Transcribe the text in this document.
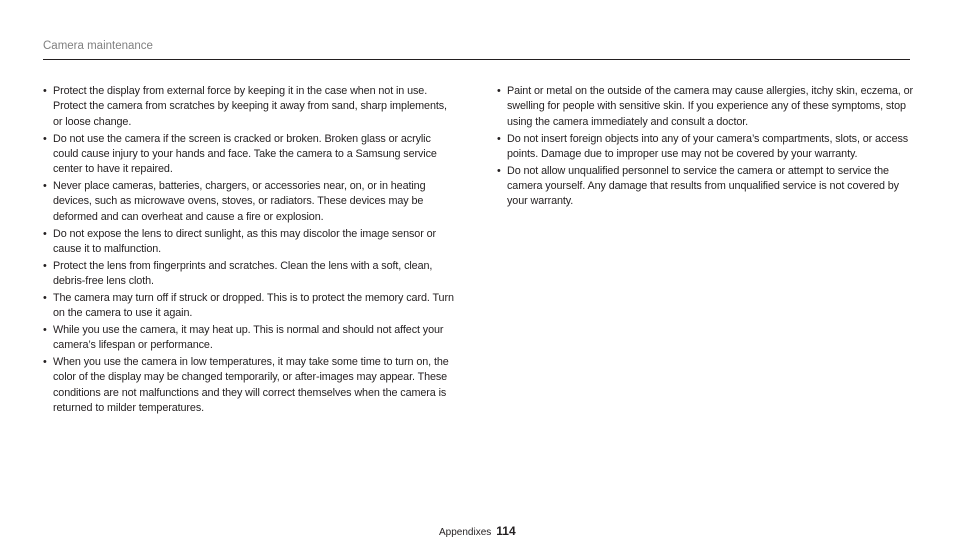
Camera maintenance
• Protect the display from external force by keeping it in the case when not in use. Protect the camera from scratches by keeping it away from sand, sharp implements, or loose change.
• Do not use the camera if the screen is cracked or broken. Broken glass or acrylic could cause injury to your hands and face. Take the camera to a Samsung service center to have it repaired.
• Never place cameras, batteries, chargers, or accessories near, on, or in heating devices, such as microwave ovens, stoves, or radiators. These devices may be deformed and can overheat and cause a fire or explosion.
• Do not expose the lens to direct sunlight, as this may discolor the image sensor or cause it to malfunction.
• Protect the lens from fingerprints and scratches. Clean the lens with a soft, clean, debris-free lens cloth.
• The camera may turn off if struck or dropped. This is to protect the memory card. Turn on the camera to use it again.
• While you use the camera, it may heat up. This is normal and should not affect your camera’s lifespan or performance.
• When you use the camera in low temperatures, it may take some time to turn on, the color of the display may be changed temporarily, or after-images may appear. These conditions are not malfunctions and they will correct themselves when the camera is returned to milder temperatures.
• Paint or metal on the outside of the camera may cause allergies, itchy skin, eczema, or swelling for people with sensitive skin. If you experience any of these symptoms, stop using the camera immediately and consult a doctor.
• Do not insert foreign objects into any of your camera’s compartments, slots, or access points. Damage due to improper use may not be covered by your warranty.
• Do not allow unqualified personnel to service the camera or attempt to service the camera yourself. Any damage that results from unqualified service is not covered by your warranty.
Appendixes 114
